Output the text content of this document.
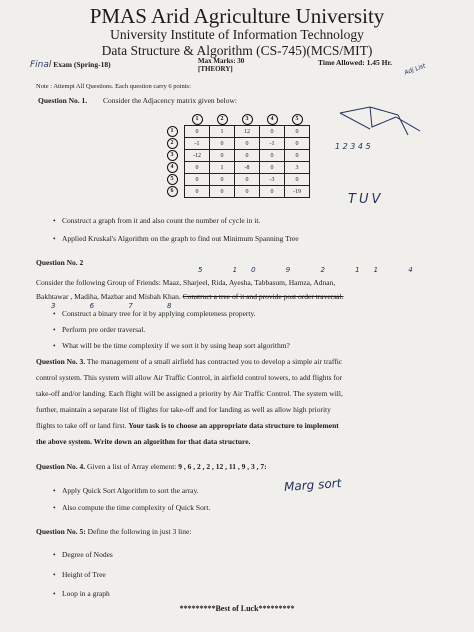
PMAS Arid Agriculture University
University Institute of Information Technology
Data Structure & Algorithm (CS-745)(MCS/MIT)
Final Exam (Spring-18)	Max Marks: 30
[THEORY]
Time Allowed: 1.45 Hr.
Note : Attempt All Questions. Each question carry 6 points:
Question No. 1. Consider the Adjacency matrix given below:
	1	2	3	4	5
1	0	1	12	0	0
2	-1	0	0	-1	0
3	-12	0	0	0	0
4	0	1	-8	0	3
5	0	0	0	-3	0
6	0	0	0	0	-19
1 2 3 4 5
Adj List
TUV
• Construct a graph from it and also count the number of cycle in it.
• Applied Kruskal's Algorithm on the graph to find out Minimum Spanning Tree
Question No. 2
5 10 9 2 11 4
Consider the following Group of Friends: Maaz, Sharjeel, Rida, Ayesha, Tabbasum, Hamza, Adnan,
Bakhtawar , Madiha, Mazbar and Misbah Khan. Construct a tree of it and provide post order traversal.
3 6 7 8
• Construct a binary tree for it by applying completeness property.
• Perform pre order traversal.
• What will be the time complexity if we sort it by using heap sort algorithm?
Question No. 3. The management of a small airfield has contracted you to develop a simple air traffic
control system. This system will allow Air Traffic Control, in airfield control towers, to add flights for
take-off and/or landing. Each flight will be assigned a priority by Air Traffic Control. The system will,
further, maintain a separate list of flights for take-off and for landing as well as allow high priority
flights to take off or land first. Your task is to choose an appropriate data structure to implement
the above system. Write down an algorithm for that data structure.
Question No. 4. Given a list of Array element: 9 , 6 , 2 , 2 , 12 , 11 , 9 , 3 , 7:
• Apply Quick Sort Algorithm to sort the array.	Marg sort
• Also compute the time complexity of Quick Sort.
Question No. 5: Define the following in just 3 line:
• Degree of Nodes
• Height of Tree
• Loop in a graph
*********Best of Luck*********
